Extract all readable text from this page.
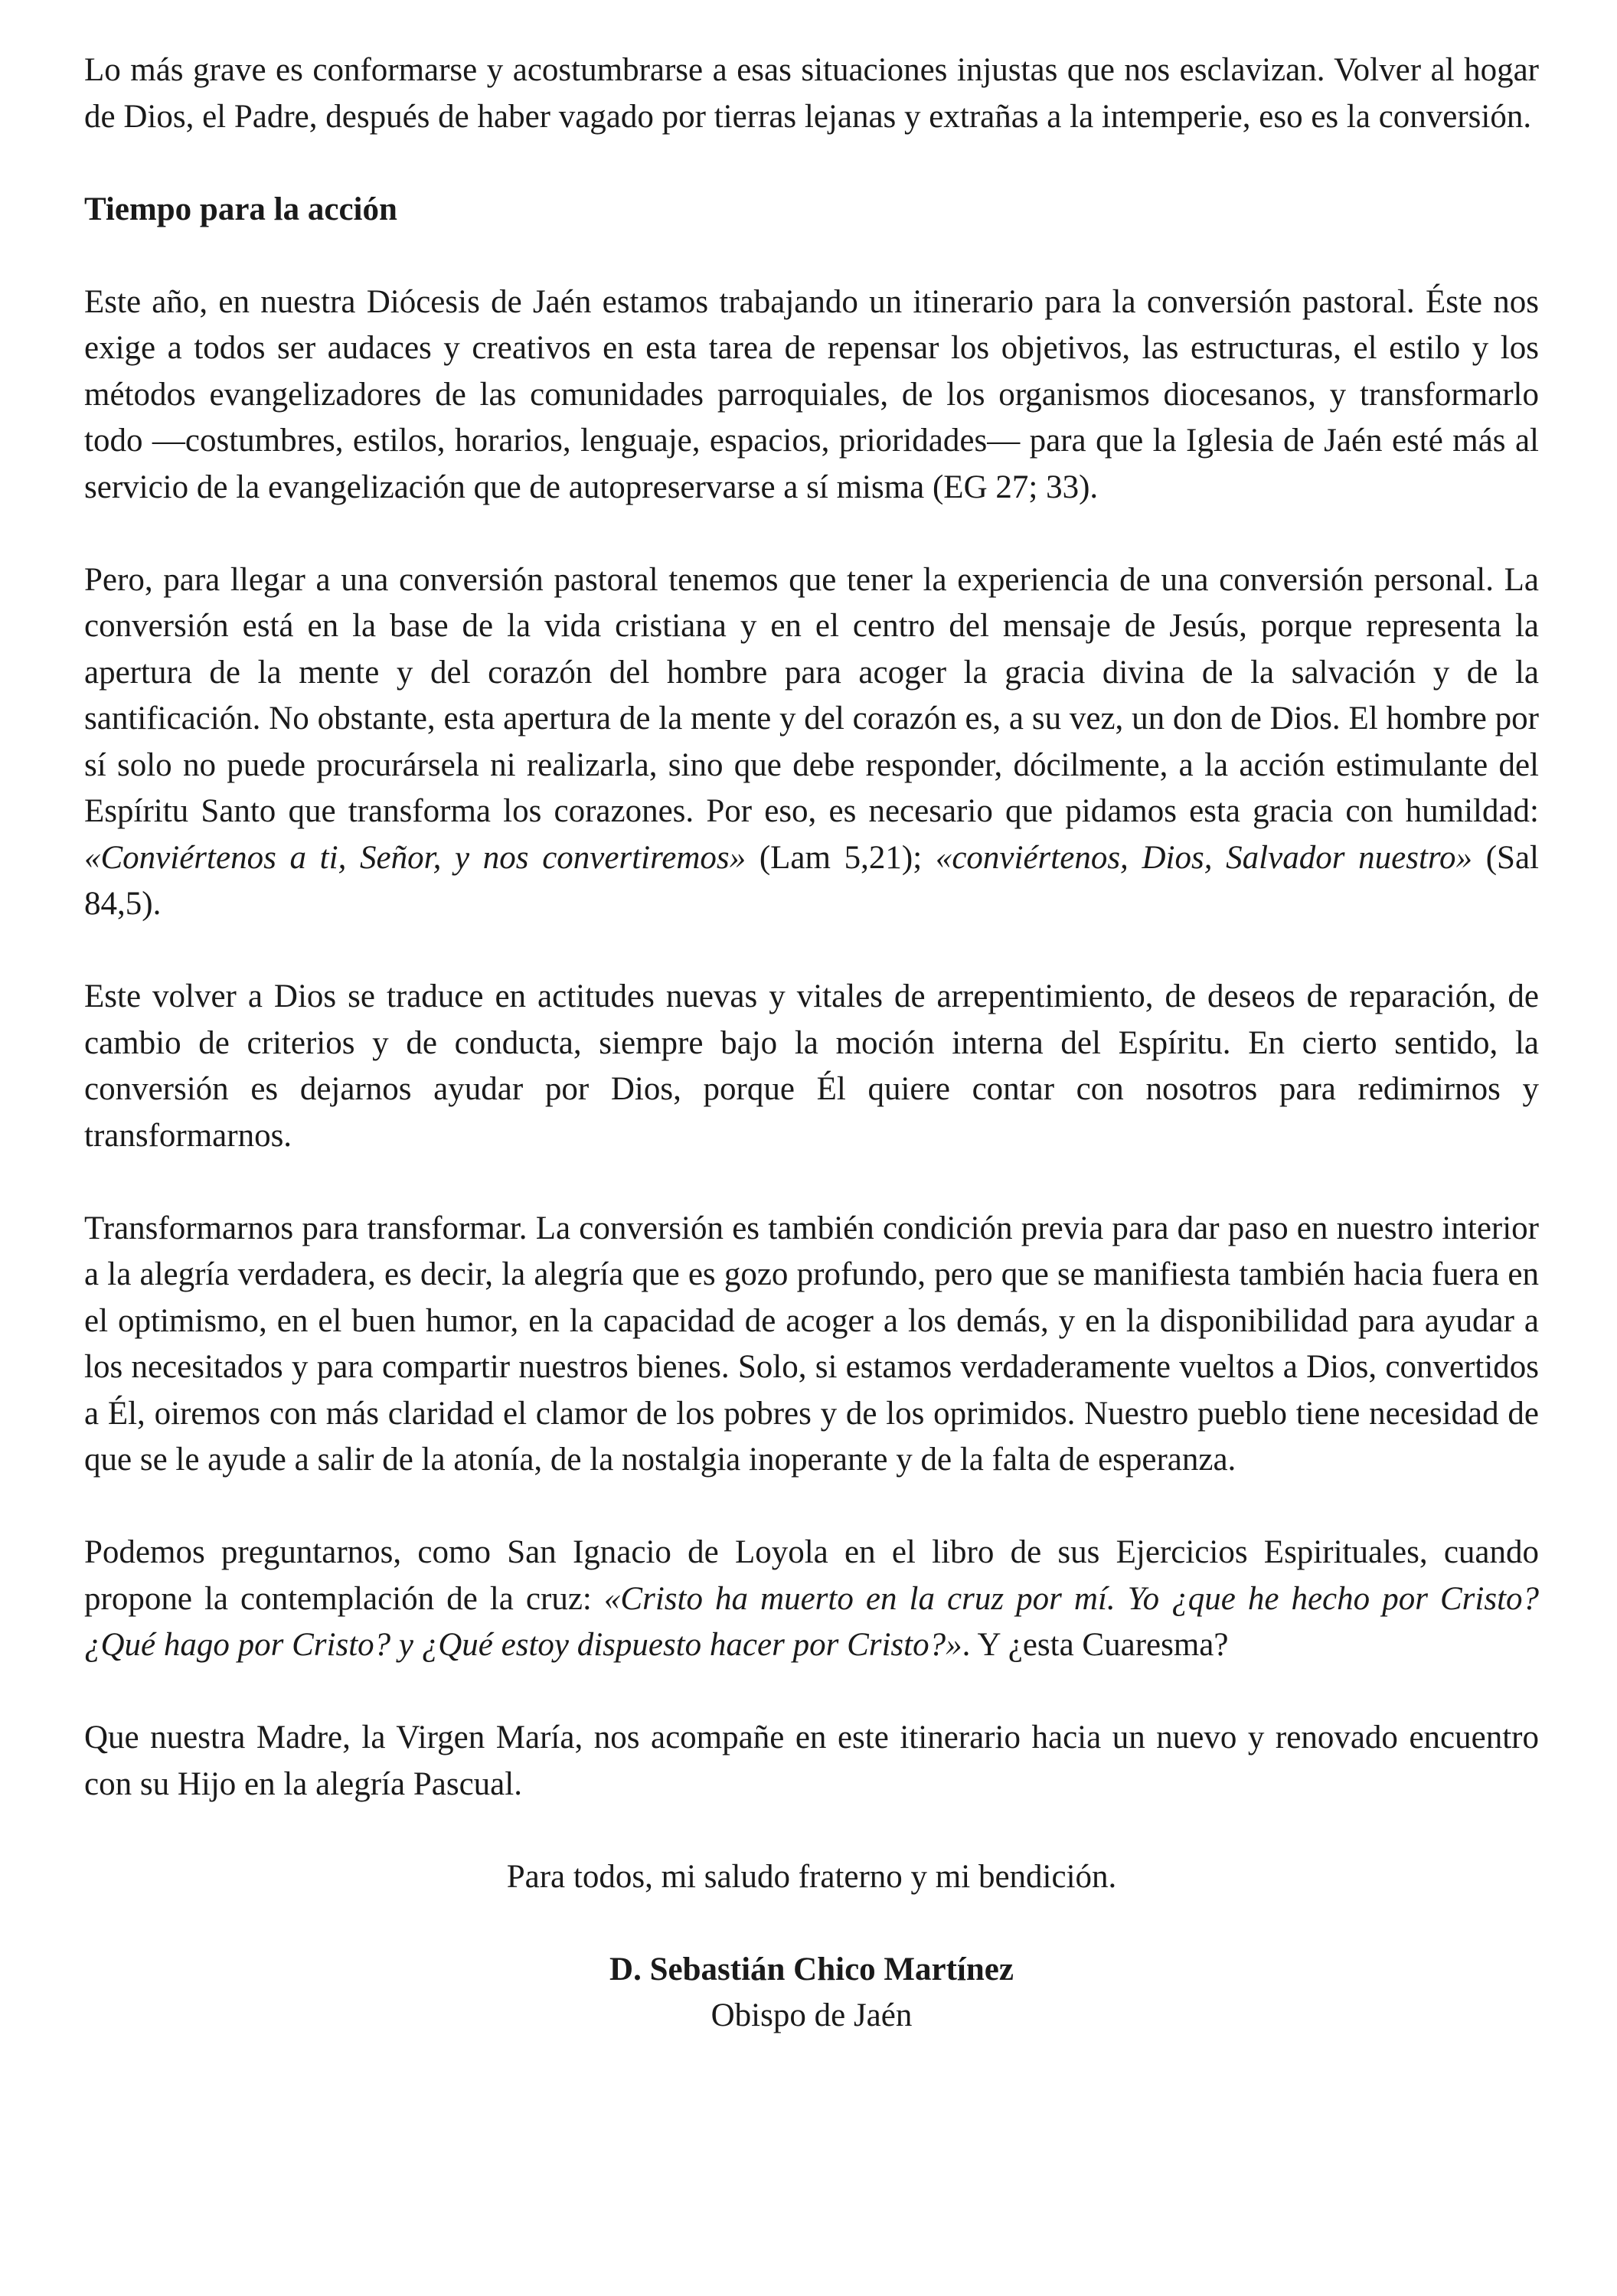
Lo más grave es conformarse y acostumbrarse a esas situaciones injustas que nos esclavizan. Volver al hogar de Dios, el Padre, después de haber vagado por tierras lejanas y extrañas a la intemperie, eso es la conversión.

Tiempo para la acción

Este año, en nuestra Diócesis de Jaén estamos trabajando un itinerario para la conversión pastoral. Éste nos exige a todos ser audaces y creativos en esta tarea de repensar los objetivos, las estructuras, el estilo y los métodos evangelizadores de las comunidades parroquiales, de los organismos diocesanos, y transformarlo todo —costumbres, estilos, horarios, lenguaje, espacios, prioridades— para que la Iglesia de Jaén esté más al servicio de la evangelización que de autopreservarse a sí misma (EG 27; 33).

Pero, para llegar a una conversión pastoral tenemos que tener la experiencia de una conversión personal. La conversión está en la base de la vida cristiana y en el centro del mensaje de Jesús, porque representa la apertura de la mente y del corazón del hombre para acoger la gracia divina de la salvación y de la santificación. No obstante, esta apertura de la mente y del corazón es, a su vez, un don de Dios. El hombre por sí solo no puede procurársela ni realizarla, sino que debe responder, dócilmente, a la acción estimulante del Espíritu Santo que transforma los corazones. Por eso, es necesario que pidamos esta gracia con humildad: «Conviértenos a ti, Señor, y nos convertiremos» (Lam 5,21); «conviértenos, Dios, Salvador nuestro» (Sal 84,5).

Este volver a Dios se traduce en actitudes nuevas y vitales de arrepentimiento, de deseos de reparación, de cambio de criterios y de conducta, siempre bajo la moción interna del Espíritu. En cierto sentido, la conversión es dejarnos ayudar por Dios, porque Él quiere contar con nosotros para redimirnos y transformarnos.

Transformarnos para transformar. La conversión es también condición previa para dar paso en nuestro interior a la alegría verdadera, es decir, la alegría que es gozo profundo, pero que se manifiesta también hacia fuera en el optimismo, en el buen humor, en la capacidad de acoger a los demás, y en la disponibilidad para ayudar a los necesitados y para compartir nuestros bienes. Solo, si estamos verdaderamente vueltos a Dios, convertidos a Él, oiremos con más claridad el clamor de los pobres y de los oprimidos. Nuestro pueblo tiene necesidad de que se le ayude a salir de la atonía, de la nostalgia inoperante y de la falta de esperanza.

Podemos preguntarnos, como San Ignacio de Loyola en el libro de sus Ejercicios Espirituales, cuando propone la contemplación de la cruz: «Cristo ha muerto en la cruz por mí. Yo ¿que he hecho por Cristo? ¿Qué hago por Cristo? y ¿Qué estoy dispuesto hacer por Cristo?». Y ¿esta Cuaresma?

Que nuestra Madre, la Virgen María, nos acompañe en este itinerario hacia un nuevo y renovado encuentro con su Hijo en la alegría Pascual.

Para todos, mi saludo fraterno y mi bendición.

D. Sebastián Chico Martínez
Obispo de Jaén
